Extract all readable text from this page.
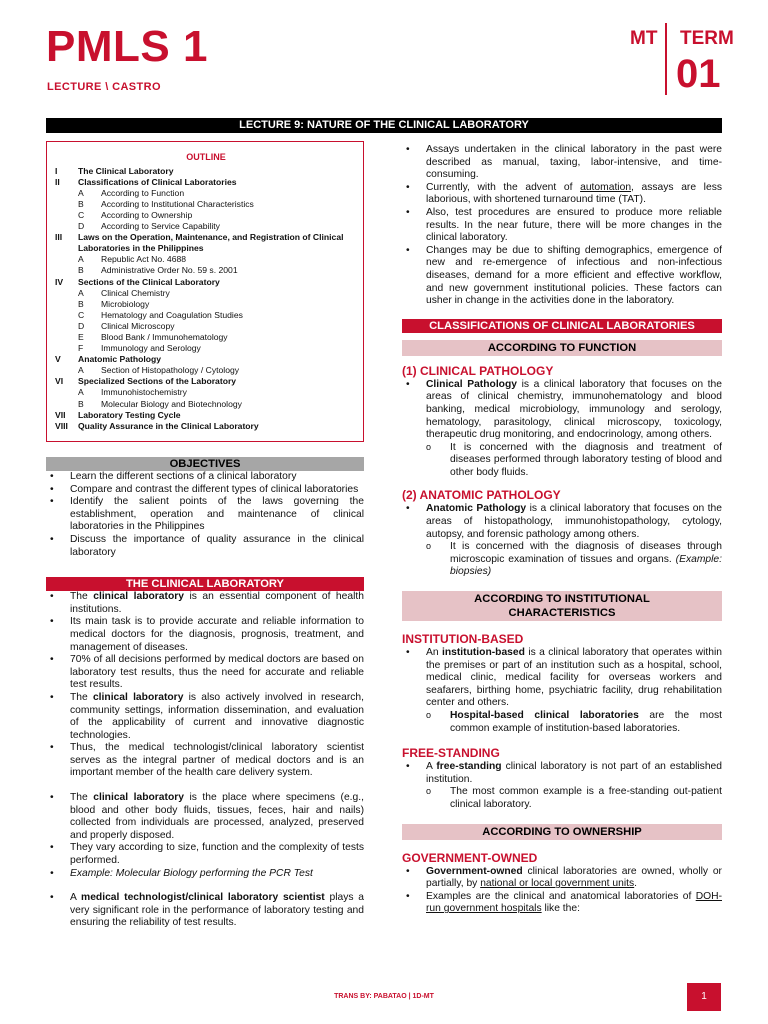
PMLS 1
LECTURE \ CASTRO
MT TERM
01
LECTURE 9: NATURE OF THE CLINICAL LABORATORY
OUTLINE
I	The Clinical Laboratory
II	Classifications of Clinical Laboratories
A	According to Function
B	According to Institutional Characteristics
C	According to Ownership
D	According to Service Capability
III	Laws on the Operation, Maintenance, and Registration of Clinical Laboratories in the Philippines
A	Republic Act No. 4688
B	Administrative Order No. 59 s. 2001
IV	Sections of the Clinical Laboratory
A	Clinical Chemistry
B	Microbiology
C	Hematology and Coagulation Studies
D	Clinical Microscopy
E	Blood Bank / Immunohematology
F	Immunology and Serology
V	Anatomic Pathology
A	Section of Histopathology / Cytology
VI	Specialized Sections of the Laboratory
A	Immunohistochemistry
B	Molecular Biology and Biotechnology
VII	Laboratory Testing Cycle
VIII	Quality Assurance in the Clinical Laboratory
OBJECTIVES
• Learn the different sections of a clinical laboratory
• Compare and contrast the different types of clinical laboratories
• Identify the salient points of the laws governing the establishment, operation and maintenance of clinical laboratories in the Philippines
• Discuss the importance of quality assurance in the clinical laboratory
THE CLINICAL LABORATORY
• The clinical laboratory is an essential component of health institutions.
• Its main task is to provide accurate and reliable information to medical doctors for the diagnosis, prognosis, treatment, and management of diseases.
• 70% of all decisions performed by medical doctors are based on laboratory test results, thus the need for accurate and reliable test results.
• The clinical laboratory is also actively involved in research, community settings, information dissemination, and evaluation of the applicability of current and innovative diagnostic technologies.
• Thus, the medical technologist/clinical laboratory scientist serves as the integral partner of medical doctors and is an important member of the health care delivery system.
• The clinical laboratory is the place where specimens (e.g., blood and other body fluids, tissues, feces, hair and nails) collected from individuals are processed, analyzed, preserved and properly disposed.
• They vary according to size, function and the complexity of tests performed.
• Example: Molecular Biology performing the PCR Test
• A medical technologist/clinical laboratory scientist plays a very significant role in the performance of laboratory testing and ensuring the reliability of test results.
• Assays undertaken in the clinical laboratory in the past were described as manual, taxing, labor-intensive, and time-consuming.
• Currently, with the advent of automation, assays are less laborious, with shortened turnaround time (TAT).
• Also, test procedures are ensured to produce more reliable results. In the near future, there will be more changes in the clinical laboratory.
• Changes may be due to shifting demographics, emergence of new and re-emergence of infectious and non-infectious diseases, demand for a more efficient and effective workflow, and new government institutional policies. These factors can usher in change in the activities done in the laboratory.
CLASSIFICATIONS OF CLINICAL LABORATORIES
ACCORDING TO FUNCTION
(1) CLINICAL PATHOLOGY
• Clinical Pathology is a clinical laboratory that focuses on the areas of clinical chemistry, immunohematology and blood banking, medical microbiology, immunology and serology, hematology, parasitology, clinical microscopy, toxicology, therapeutic drug monitoring, and endocrinology, among others.
o It is concerned with the diagnosis and treatment of diseases performed through laboratory testing of blood and other body fluids.
(2) ANATOMIC PATHOLOGY
• Anatomic Pathology is a clinical laboratory that focuses on the areas of histopathology, immunohistopathology, cytology, autopsy, and forensic pathology among others.
o It is concerned with the diagnosis of diseases through microscopic examination of tissues and organs. (Example: biopsies)
ACCORDING TO INSTITUTIONAL CHARACTERISTICS
INSTITUTION-BASED
• An institution-based is a clinical laboratory that operates within the premises or part of an institution such as a hospital, school, medical clinic, medical facility for overseas workers and seafarers, birthing home, psychiatric facility, drug rehabilitation center and others.
o Hospital-based clinical laboratories are the most common example of institution-based laboratories.
FREE-STANDING
• A free-standing clinical laboratory is not part of an established institution.
o The most common example is a free-standing out-patient clinical laboratory.
ACCORDING TO OWNERSHIP
GOVERNMENT-OWNED
• Government-owned clinical laboratories are owned, wholly or partially, by national or local government units.
• Examples are the clinical and anatomical laboratories of DOH-run government hospitals like the:
TRANS BY: PABATAO | 1D-MT	1
